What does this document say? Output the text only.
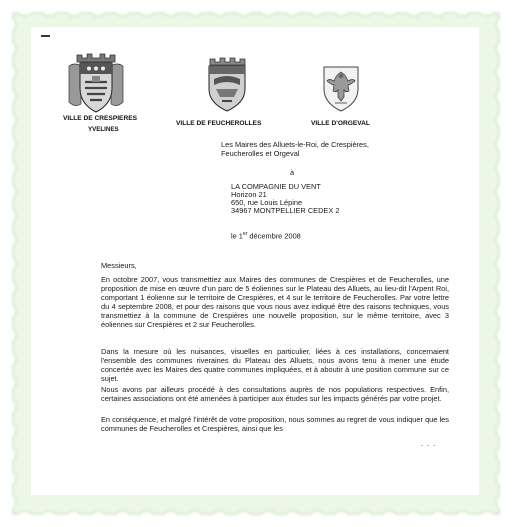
VILLE DE CRESPIERES
YVELINES
VILLE DE FEUCHEROLLES	VILLE D'ORGEVAL
Les Maires des Alluets-le-Roi, de Crespières,
Feucherolles et Orgeval
à
LA COMPAGNIE DU VENT
Horizon 21
650, rue Louis Lépine
34967 MONTPELLIER CEDEX 2
le 1er décembre 2008
Messieurs,

En octobre 2007, vous transmettiez aux Maires des communes de Crespières et de Feucherolles, une proposition de mise en œuvre d'un parc de 5 éoliennes sur le Plateau des Alluets, au lieu-dit l'Arpent Roi, comportant 1 éolienne sur le territoire de Crespières, et 4 sur le territoire de Feucherolles. Par votre lettre du 4 septembre 2008, et pour des raisons que vous nous avez indiqué être des raisons techniques, vous transmettiez à la commune de Crespières une nouvelle proposition, sur le même territoire, avec 3 éoliennes sur Crespières et 2 sur Feucherolles.

Dans la mesure où les nuisances, visuelles en particulier, liées à ces installations, concernaient l'ensemble des communes riveraines du Plateau des Alluets, nous avons tenu à mener une étude concertée avec les Maires des quatre communes impliquées, et à aboutir à une position commune sur ce sujet.

Nous avons par ailleurs procédé à des consultations auprès de nos populations respectives. Enfin, certaines associations ont été amenées à participer aux études sur les impacts générés par votre projet.

En conséquence, et malgré l'intérêt de votre proposition, nous sommes au regret de vous indiquer que les communes de Feucherolles et Crespières, ainsi que les

. . .
